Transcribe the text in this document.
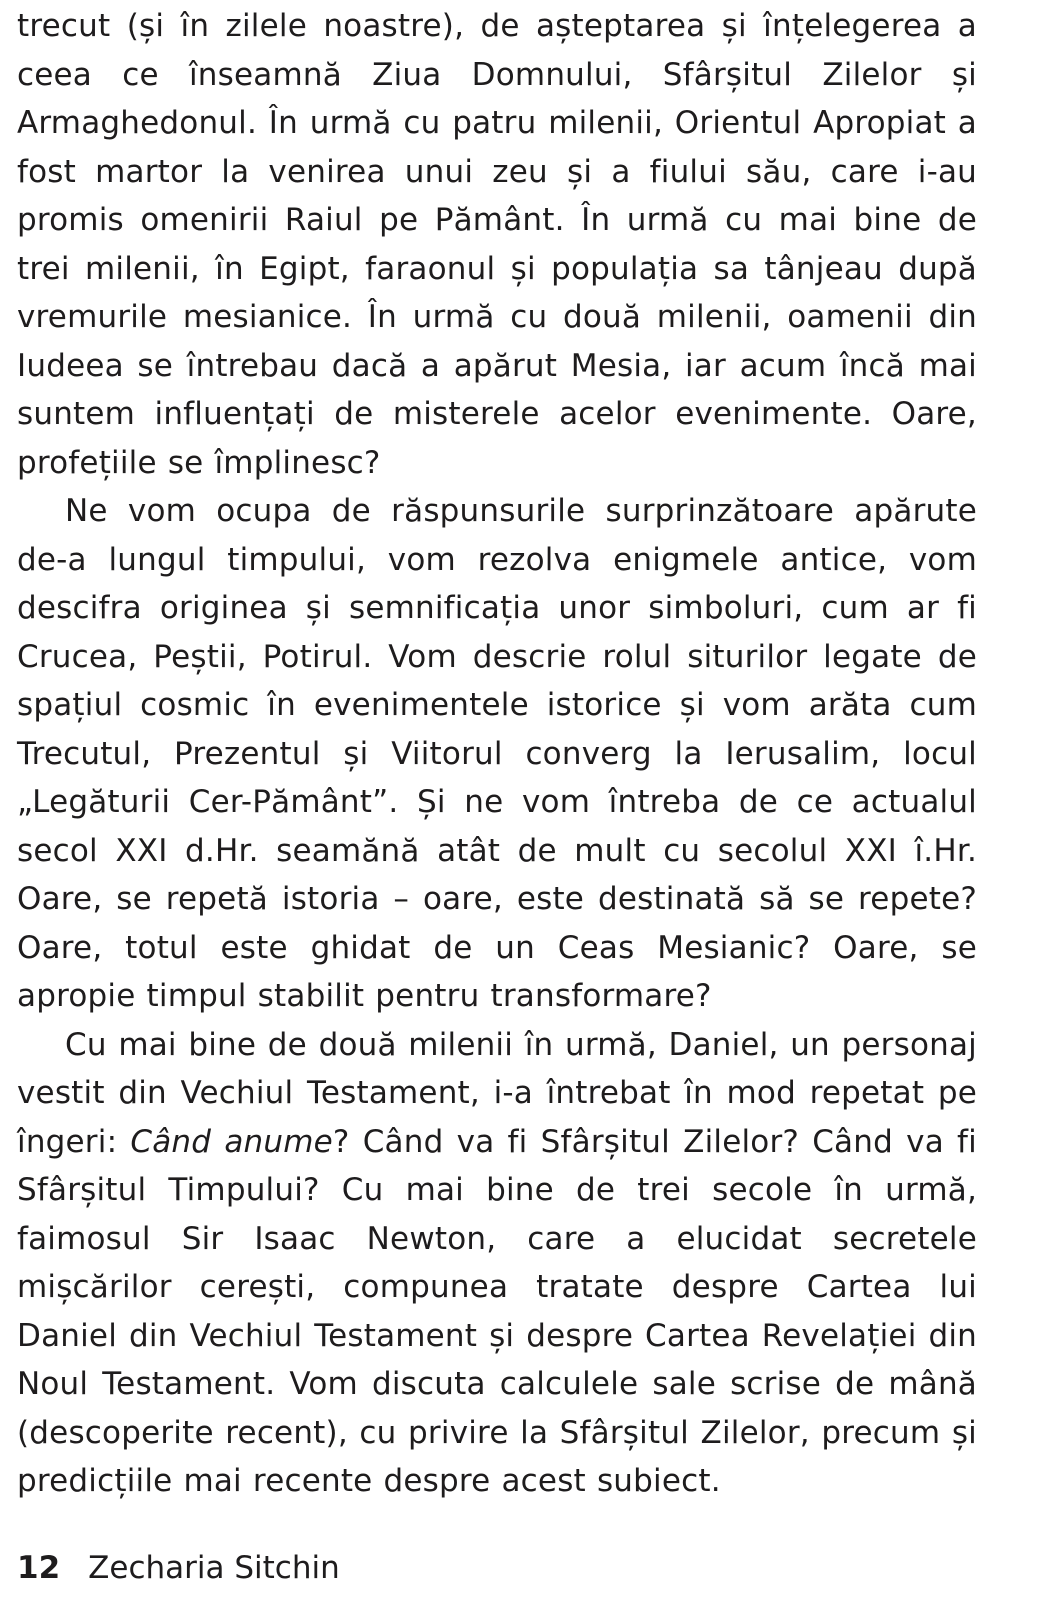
trecut (și în zilele noastre), de așteptarea și înțelegerea a ceea ce înseamnă Ziua Domnului, Sfârșitul Zilelor și Armaghedonul. În urmă cu patru milenii, Orientul Apropiat a fost martor la venirea unui zeu și a fiului său, care i-au promis omenirii Raiul pe Pământ. În urmă cu mai bine de trei milenii, în Egipt, faraonul și populația sa tânjeau după vremurile mesianice. În urmă cu două milenii, oamenii din Iudeea se întrebau dacă a apărut Mesia, iar acum încă mai suntem influențați de misterele acelor evenimente. Oare, profețiile se împlinesc?

Ne vom ocupa de răspunsurile surprinzătoare apărute de-a lungul timpului, vom rezolva enigmele antice, vom descifra originea și semnificația unor simboluri, cum ar fi Crucea, Peștii, Potirul. Vom descrie rolul siturilor legate de spațiul cosmic în evenimentele istorice și vom arăta cum Trecutul, Prezentul și Viitorul converg la Ierusalim, locul „Legăturii Cer-Pământ”. Și ne vom întreba de ce actualul secol XXI d.Hr. seamănă atât de mult cu secolul XXI î.Hr. Oare, se repetă istoria – oare, este destinată să se repete? Oare, totul este ghidat de un Ceas Mesianic? Oare, se apropie timpul stabilit pentru transformare?

Cu mai bine de două milenii în urmă, Daniel, un personaj vestit din Vechiul Testament, i-a întrebat în mod repetat pe îngeri: Când anume? Când va fi Sfârșitul Zilelor? Când va fi Sfârșitul Timpului? Cu mai bine de trei secole în urmă, faimosul Sir Isaac Newton, care a elucidat secretele mișcărilor cerești, compunea tratate despre Cartea lui Daniel din Vechiul Testament și despre Cartea Revelației din Noul Testament. Vom discuta calculele sale scrise de mână (descoperite recent), cu privire la Sfârșitul Zilelor, precum și predicțiile mai recente despre acest subiect.

12 Zecharia Sitchin
